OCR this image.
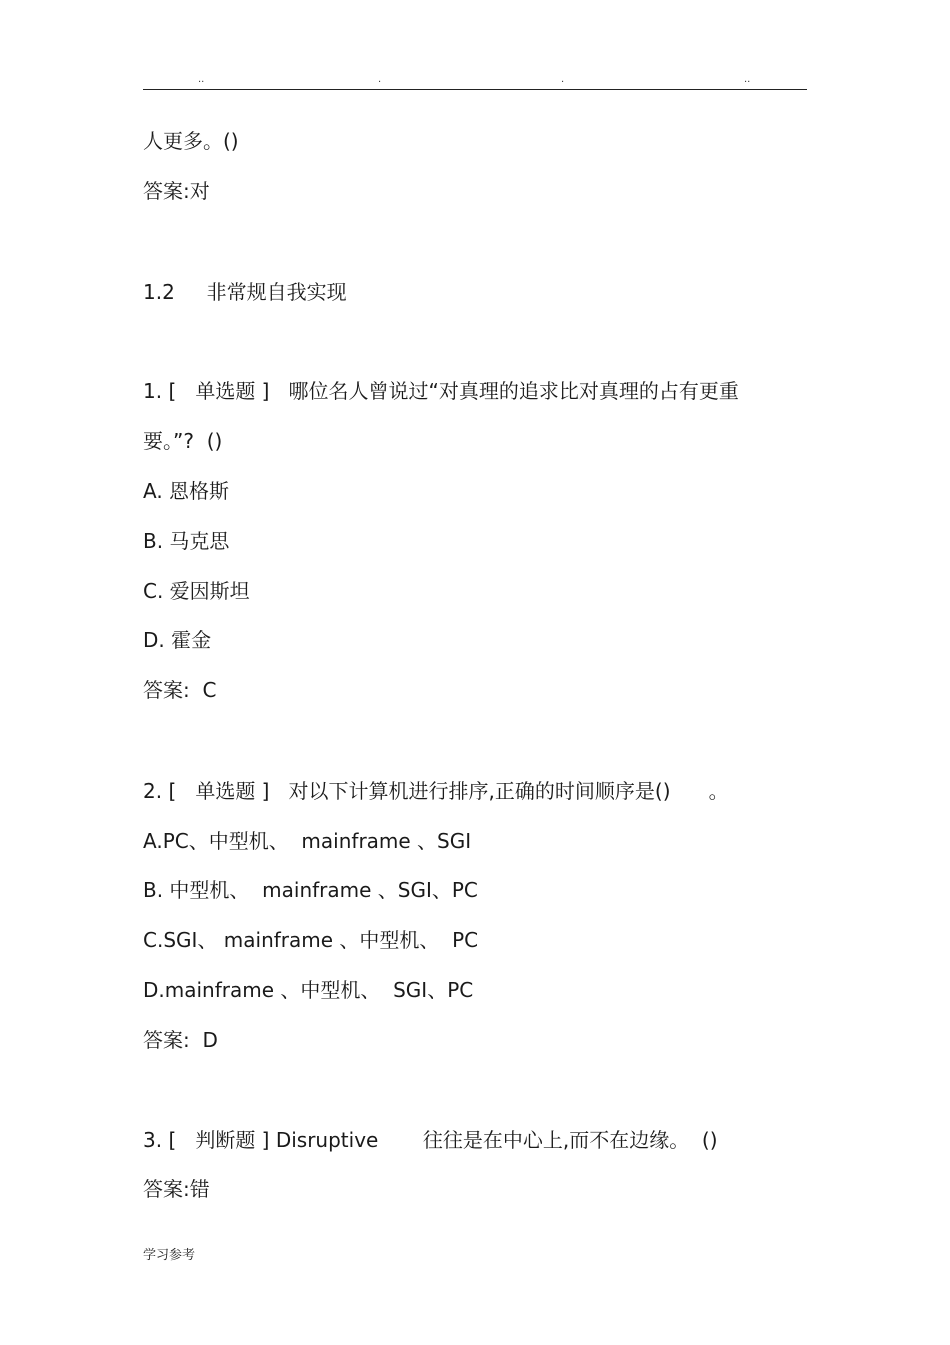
..	.	.	..
人更多。()
答案:对
1.2     非常规自我实现
1. [   单选题 ]   哪位名人曾说过“对真理的追求比对真理的占有更重
要。”?  ()
A. 恩格斯
B. 马克思
C. 爱因斯坦
D. 霍金
答案:  C
2. [   单选题 ]   对以下计算机进行排序,正确的时间顺序是()      。
A.PC、中型机、  mainframe 、SGI
B. 中型机、  mainframe 、SGI、PC
C.SGI、 mainframe 、中型机、  PC
D.mainframe 、中型机、  SGI、PC
答案:  D
3. [   判断题 ] Disruptive       往往是在中心上,而不在边缘。  ()
答案:错
学习参考
